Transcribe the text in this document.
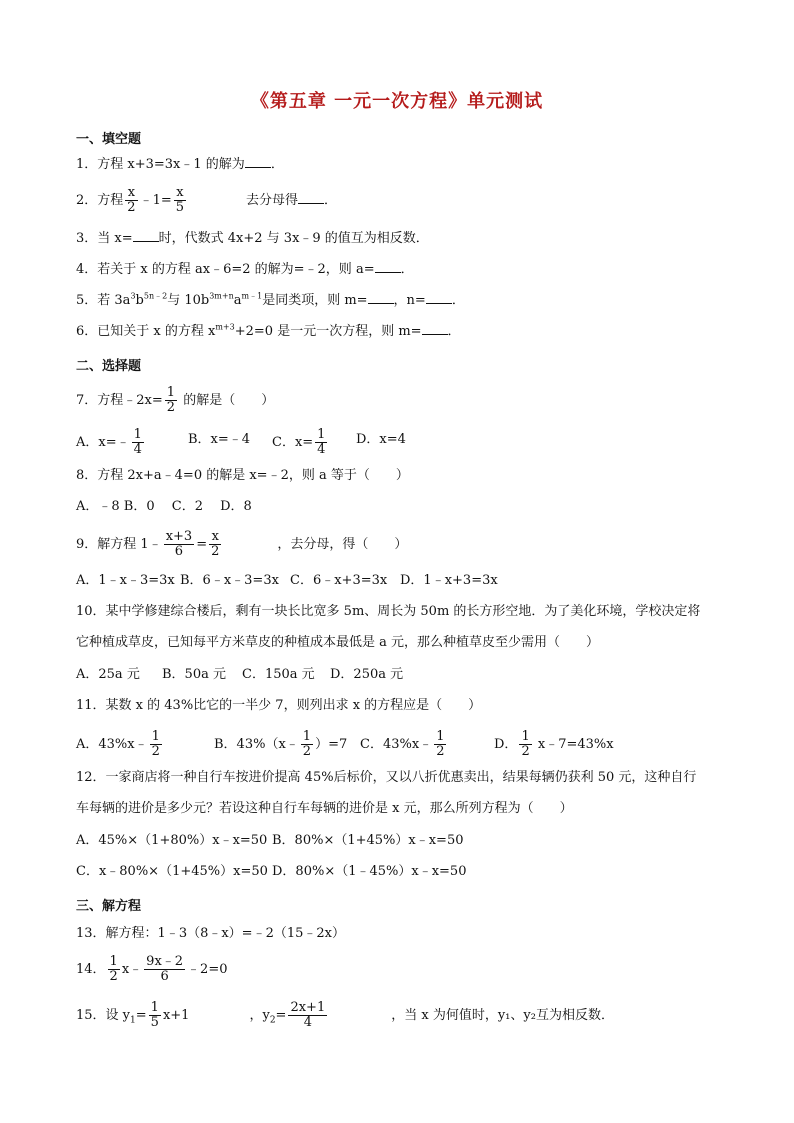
《第五章 一元一次方程》单元测试
一、填空题
1．方程 x+3=3x﹣1 的解为 ．
2．方程 $\frac{x}{2}$ ﹣1= $\frac{x}{5}$	去分母得 ．
3．当 x= 时，代数式 4x+2 与 3x﹣9 的值互为相反数．
4．若关于 x 的方程 ax﹣6=2 的解为=﹣2，则 a= ．
5．若 $3a^3b^{5n﹣2}$与 $10b^{3m+n}a^{m﹣1}$是同类项，则 m= ，n= ．
6．已知关于 x 的方程 $x^{m+3}+2=0$ 是一元一次方程，则 m= ．
二、选择题
7．方程﹣2x= $\frac{1}{2}$ 的解是（　　）
A．x=﹣ $\frac{1}{4}$	B．x=﹣4 C．$x= \frac{1}{4}$ D．x=4
8．方程 2x+a﹣4=0 的解是 x=﹣2，则 a 等于（　　）
A．﹣8 B．0　 C．2　 D．8
9．解方程 1﹣ $\frac{x+3}{6} = \frac{x}{2}$	，去分母，得（　　）
A．1﹣x﹣3=3x B．6﹣x﹣3=3x C．6﹣x+3=3x D．1﹣x+3=3x
10．某中学修建综合楼后，剩有一块长比宽多 5m、周长为 50m 的长方形空地．为了美化环境，学校决定将
它种植成草皮，已知每平方米草皮的种植成本最低是 a 元，那么种植草皮至少需用（　　）
A．25a 元 B．50a 元 C．150a 元 D．250a 元
11．某数 x 的 43%比它的一半少 7，则列出求 x 的方程应是（　　）
A．43%x﹣ $\frac{1}{2}$	B．43%（x﹣ $\frac{1}{2} )=7$ C．43%x﹣ $\frac{1}{2}$	D． $\frac{1}{2}$ x﹣7=43%x
12．一家商店将一种自行车按进价提高 45%后标价，又以八折优惠卖出，结果每辆仍获利 50 元，这种自行
车每辆的进价是多少元？若设这种自行车每辆的进价是 x 元，那么所列方程为（　　）
A．45%×（1+80%）x﹣x=50 B．80%×（1+45%）x﹣x=50
C．x﹣80%×（1+45%）x=50 D．80%×（1﹣45%）x﹣x=50
三、解方程
13．解方程：1﹣3（8﹣x）=﹣2（15﹣2x）
14． $\frac{1}{2}$ x﹣ $\frac{9x﹣2}{6}$ ﹣2=0
15．设 $y_1= \frac{1}{5} x+1$	，$y_2= \frac{2x+1}{4}$	，当 x 为何值时，y₁、y₂互为相反数．
